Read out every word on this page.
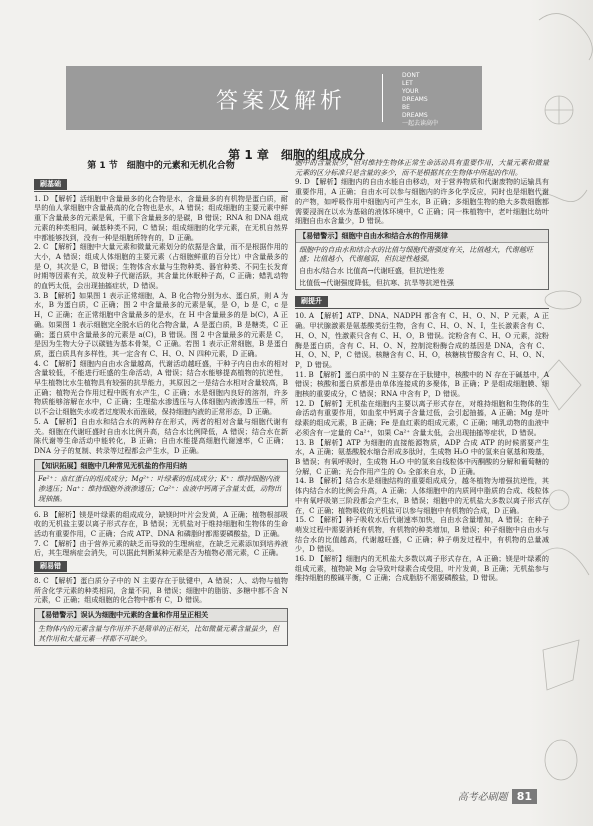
答案及解析
DONT
LET
YOUR
DREAMS
BE
DREAMS
一起去读高中
第 1 章　细胞的组成成分
第 1 节　细胞中的元素和无机化合物
刷基础

1. D 【解析】活细胞中含量最多的化合物是水，含量最多的有机物是蛋白质，耐旱的仙人掌细胞中含量最高的化合物也是水，A 错误；组成细胞的主要元素中鲜重下含量最多的元素是氧，干重下含量最多的是碳，B 错误；RNA 和 DNA 组成元素的种类相同，碱基种类不同，C 错误；组成细胞的化学元素，在无机自然界中都能够找到，没有一种是细胞所特有的，D 正确。

2. C 【解析】细胞中大量元素和微量元素划分的依据是含量，而不是根据作用的大小，A 错误；组成人体细胞的主要元素（占细胞鲜重的百分比）中含量最多的是 O，其次是 C，B 错误；生物体含水量与生物种类、器官种类、不同生长发育时期等因素有关，故发种子代谢活跃，其含量比休眠种子高，C 正确；蜡乳动物的血钙太低，会出现抽搐症状，D 错误。

3. B 【解析】如果图 1 表示正常细胞，A、B 化合物分别为水、蛋白质，则 A 为水，B 为蛋白质，C 正确；图 2 中含量最多的元素是氧，是 O，b 是 C，c 是 H，C 正确；在正常细胞中含量最多的是水，在 H 中含量最多的是 b(C)，A 正确。如果图 1 表示细胞完全脱水后的化合物含量，A 是蛋白质，B 是糖类，C 正确；蛋白质中含量最多的元素是 a(C)，B 错误。图 2 中含量最多的元素是 C，是因为生物大分子以碳链为基本骨架，C 正确。若图 1 表示正常细胞，B 是蛋白质，蛋白质具有多样性，其一定含有 C、H、O、N 四种元素，D 正确。

4. C 【解析】细胞内自由水含量越高，代谢活动越旺盛，干种子内自由水的相对含量较低，不能进行旺盛的生命活动，A 错误；结合水能够提高植物的抗逆性，早生植物比水生植物具有较强的抗旱能力，其原因之一是结合水相对含量较高，B 正确；植物光合作用过程中既有水产生，C 正确；水是细胞内良好的溶剂，许多物质能够溶解在水中，C 正确；生理盐水渗透压与人体细胞内液渗透压一样，所以不会让细胞失水或者过度吸水而涨破，保持细胞内液的正常形态，D 正确。

5. A 【解析】自由水和结合水的两种存在形式，两者的相对含量与细胞代谢有关。细胞在代谢旺盛时自由水比例升高，结合水比例降低，A 错误；结合水在新陈代谢等生命活动中能转化，B 正确；自由水能提高细胞代谢速率，C 正确；DNA 分子的复制、转录等过程都会产生水，D 正确。

【知识拓展】细胞中几种常见无机盐的作用归纳
Fe²⁺：血红蛋白的组成成分；Mg²⁺：叶绿素的组成成分；K⁺：维持细胞内液渗透压；Na⁺：维持细胞外液渗透压；Ca²⁺：血液中钙离子含量太低，动物出现抽搐。

6. B 【解析】镁是叶绿素的组成成分，缺镁时叶片会发黄，A 正确；植物根部吸收的无机盐主要以离子形式存在，B 错误；无机盐对于维持细胞和生物体的生命活动有重要作用，C 正确；合成 ATP、DNA 和磷脂时都需要磷酸盐，D 正确。

7. C 【解析】由于营养元素的缺乏而导致的生理病症，在缺乏元素添加到培养液后，其生理病症会消失，可以据此判断某种元素是否为植物必需元素，C 正确。

刷易错

8. C 【解析】蛋白质分子中的 N 主要存在于肽键中，A 错误；人、动物与植物所含化学元素的种类相同，含量不同，B 错误；细胞中的脂肪、多糖中都不含 N 元素，C 正确；组成细胞的化合物中都有 C，D 错误。

【易错警示】误认为细胞中元素的含量和作用呈正相关
生物体内的元素含量与作用并不是简单的正相关，比如微量元素含量虽少，但其作用和大量元素一样都不可缺少。

胞中的含量很少，但对维持生物体正常生命活动具有重要作用，大量元素和微量元素的区分标准只是含量的多少，而不是根据其在生物体中所起的作用。

9. D 【解析】细胞内的自由水能自由移动，对于营养物质和代谢废物的运输具有重要作用，A 正确；自由水可以参与细胞内的许多化学反应，同时也是细胞代谢的产物，如呼吸作用中细胞内可产生水，B 正确；多细胞生物的绝大多数细胞都需要浸润在以水为基础的液体环境中，C 正确；同一株植物中，老叶细胞比幼叶细胞自由水含量少，D 错误。

【易错警示】细胞中自由水和结合水的作用规律
细胞中的自由水和结合水的比值与细胞代谢强度有关，比值越大，代谢越旺盛；比值越小，代谢越弱，但抗逆性越强。
自由水/结合水 比值高→代谢旺盛，但抗逆性差
比值低→代谢强度降低，但抗寒、抗旱等抗逆性强
刷提升

10. A 【解析】ATP、DNA、NADPH 都含有 C、H、O、N、P 元素，A 正确。甲状腺激素是氨基酸类衍生物，含有 C、H、O、N、I，生长激素含有 C、H、O、N，性激素只含有 C、H、O，B 错误。淀粉含有 C、H、O 元素，淀粉酶是蛋白质，含有 C、H、O、N，控制淀粉酶合成的基因是 DNA，含有 C、H、O、N、P，C 错误。核糖含有 C、H、O，核糖核苷酸含有 C、H、O、N、P，D 错误。

11. B 【解析】蛋白质中的 N 主要存在于肽键中，核酸中的 N 存在于碱基中，A 错误；核酸和蛋白质都是由单体连接成的多聚体，B 正确；P 是组成细胞膜、细胞核的重要成分，C 错误；RNA 中含有 P，D 错误。

12. D 【解析】无机盐在细胞内主要以离子形式存在，对维持细胞和生物体的生命活动有重要作用，如血浆中钙离子含量过低，会引起抽搐，A 正确；Mg 是叶绿素的组成元素，B 正确；Fe 是血红素的组成元素，C 正确；哺乳动物的血液中必须含有一定量的 Ca²⁺，如果 Ca²⁺ 含量太低，会出现抽搐等症状，D 错误。

13. B 【解析】ATP 为细胞的直接能源物质，ADP 合成 ATP 的时候需要产生水，A 正确；氨基酸脱水缩合形成多肽时，生成物 H₂O 中的氢来自氨基和羧基，B 错误；有氧呼吸时，生成物 H₂O 中的氢来自线粒体中丙酮酸的分解和葡萄糖的分解，C 正确；光合作用产生的 O₂ 全部来自水，D 正确。

14. B 【解析】结合水是细胞结构的重要组成成分，越冬植物为增强抗逆性，其体内结合水的比例会升高，A 正确；人体细胞中的内质网中脂质的合成、线粒体中有氧呼吸第三阶段都会产生水，B 错误；细胞中的无机盐大多数以离子形式存在，C 正确；植物吸收的无机盐可以参与细胞中有机物的合成，D 正确。

15. C 【解析】种子吸收水后代谢速率加快，自由水含量增加，A 错误；在种子萌发过程中需要消耗有机物，有机物的种类增加，B 错误；种子细胞中自由水与结合水的比值越高，代谢越旺盛，C 正确；种子萌发过程中，有机物的总量减少，D 错误。

16. D 【解析】细胞内的无机盐大多数以离子形式存在，A 正确；镁是叶绿素的组成元素，植物缺 Mg 会导致叶绿素合成受阻，叶片发黄，B 正确；无机盐参与维持细胞的酸碱平衡，C 正确；合成脂肪不需要磷酸盐，D 错误。

高考必刷题 81
